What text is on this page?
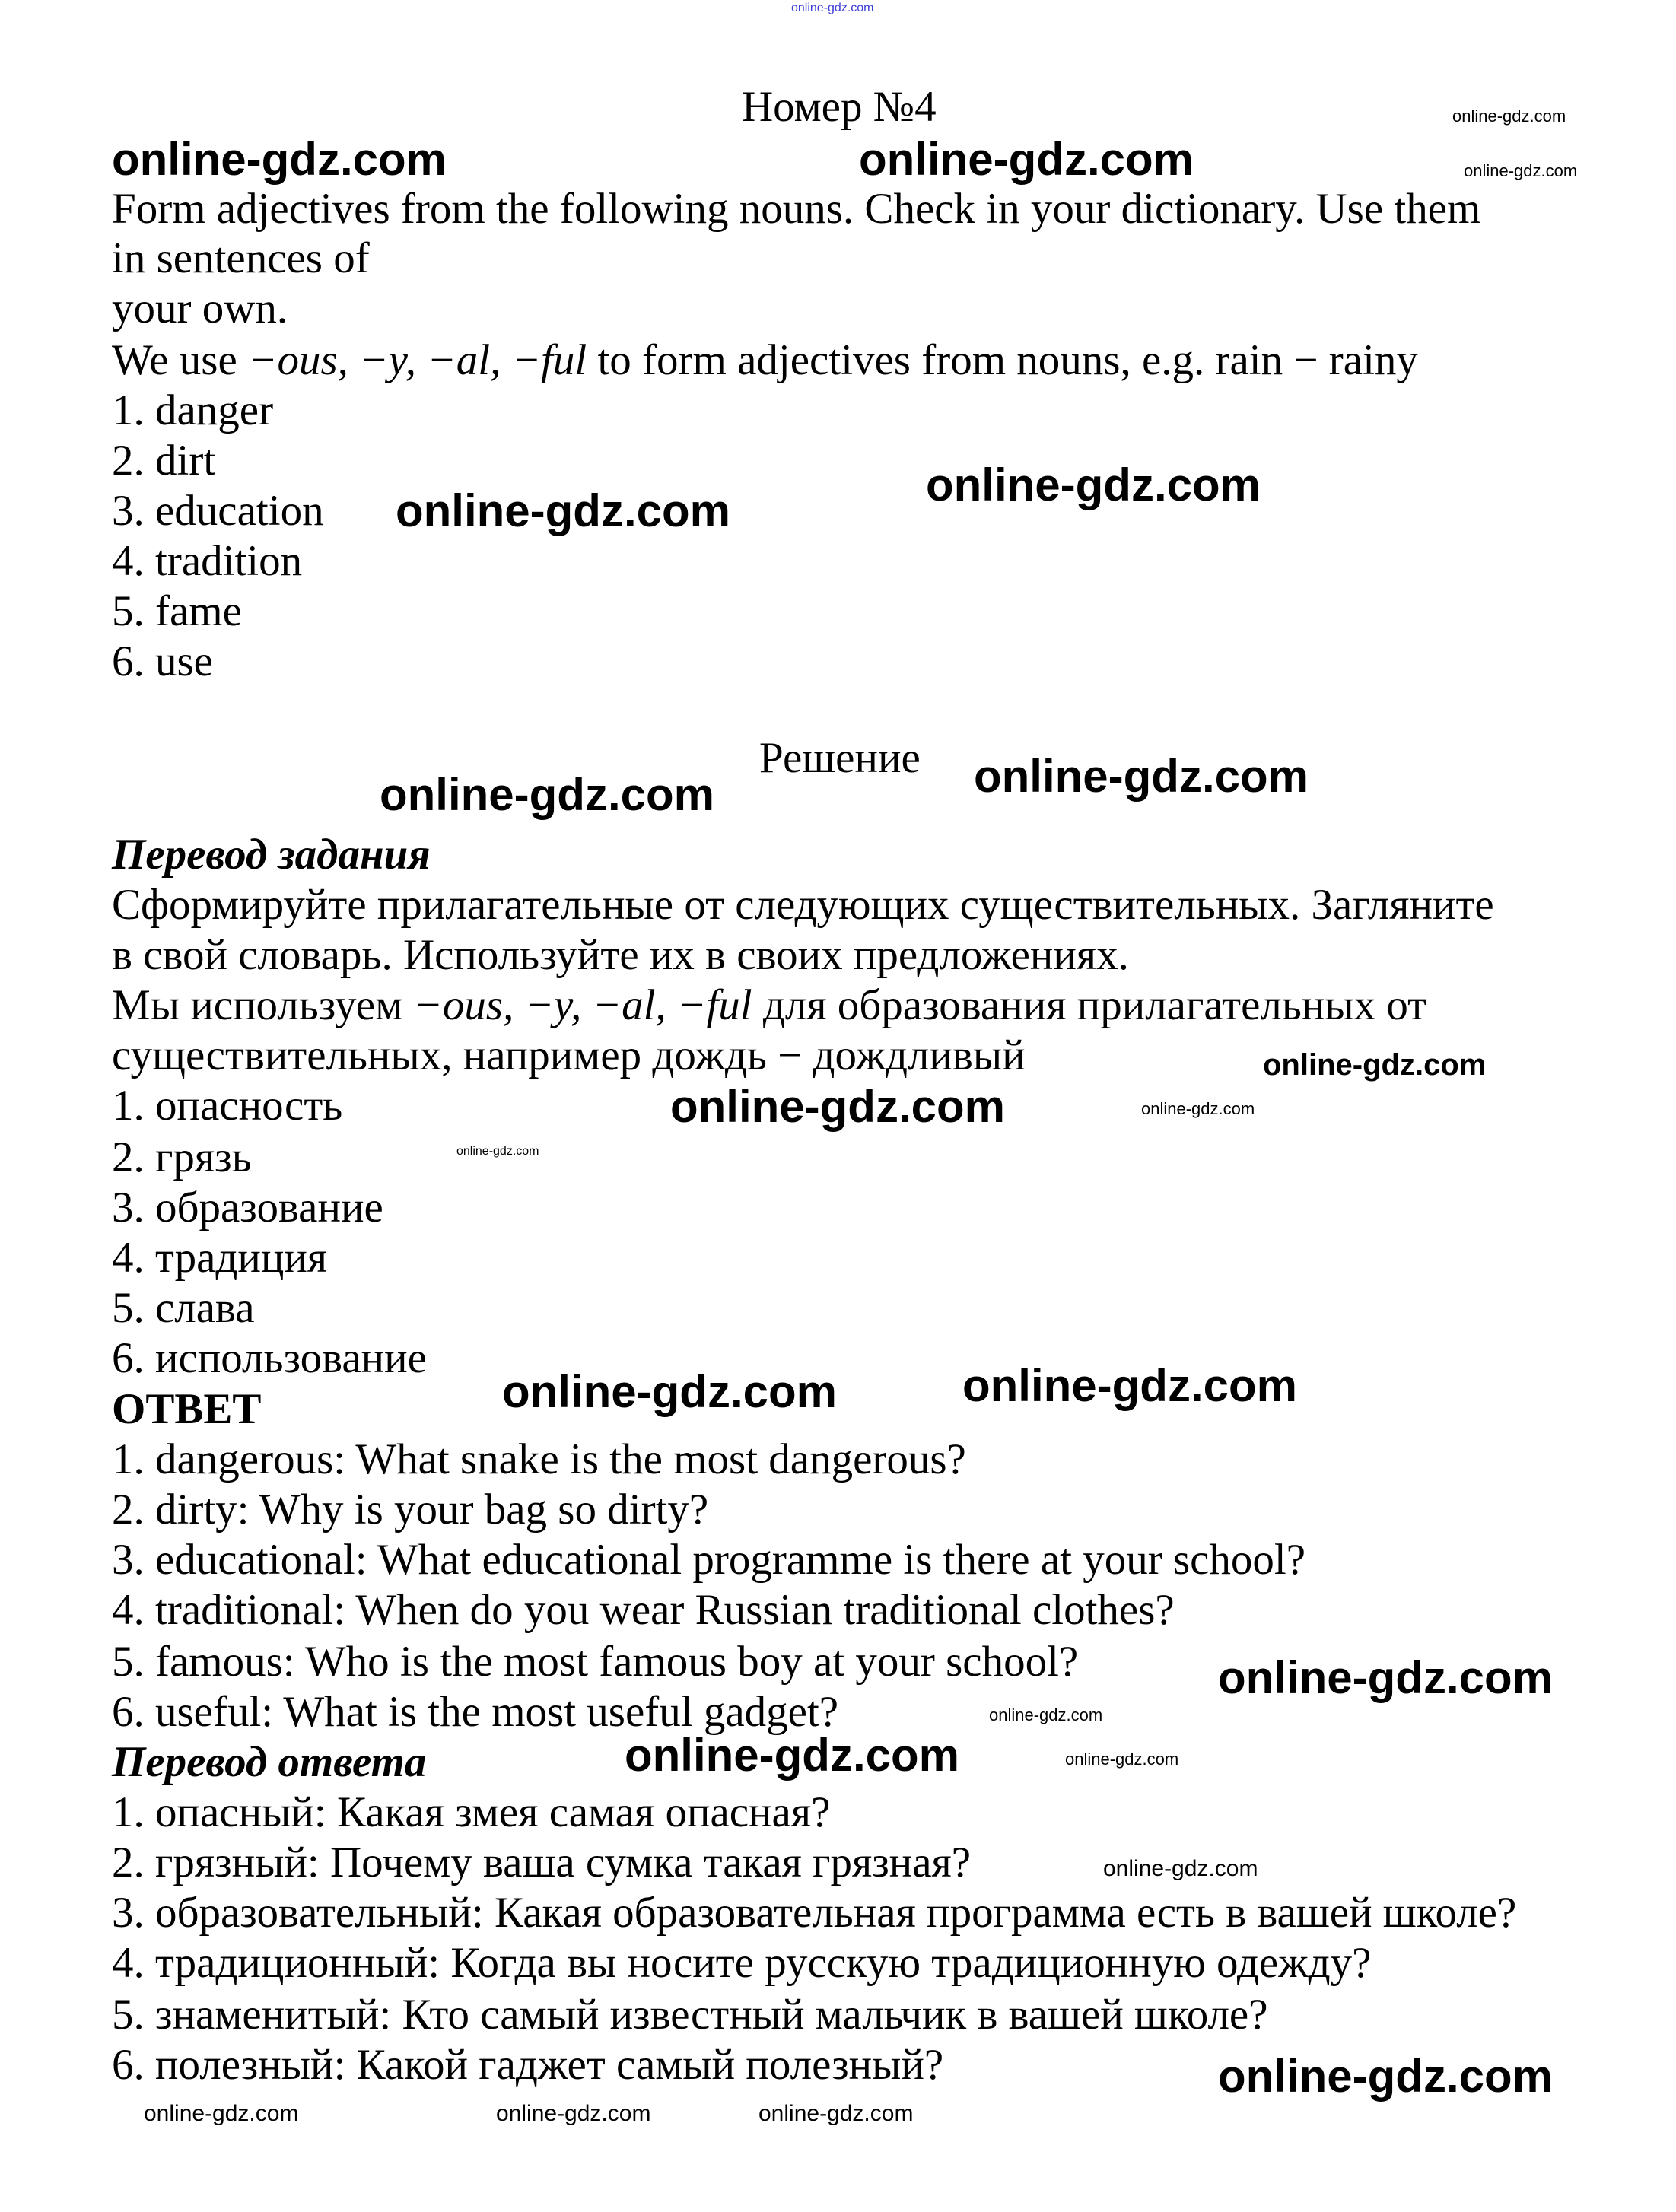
online-gdz.com
Номер №4
Form adjectives from the following nouns. Check in your dictionary. Use them
in sentences of
your own.
We use −ous, −y, −al, −ful to form adjectives from nouns, e.g. rain − rainy
1. danger
2. dirt
3. education
4. tradition
5. fame
6. use
Решение
Перевод задания
Сформируйте прилагательные от следующих существительных. Загляните
в свой словарь. Используйте их в своих предложениях.
Мы используем −ous, −y, −al, −ful для образования прилагательных от
существительных, например дождь − дождливый
1. опасность
2. грязь
3. образование
4. традиция
5. слава
6. использование
ОТВЕТ
1. dangerous: What snake is the most dangerous?
2. dirty: Why is your bag so dirty?
3. educational: What educational programme is there at your school?
4. traditional: When do you wear Russian traditional clothes?
5. famous: Who is the most famous boy at your school?
6. useful: What is the most useful gadget?
Перевод ответа
1. опасный: Какая змея самая опасная?
2. грязный: Почему ваша сумка такая грязная?
3. образовательный: Какая образовательная программа есть в вашей школе?
4. традиционный: Когда вы носите русскую традиционную одежду?
5. знаменитый: Кто самый известный мальчик в вашей школе?
6. полезный: Какой гаджет самый полезный?
online-gdz.com
online-gdz.com	online-gdz.com	online-gdz.com
online-gdz.com
online-gdz.com
online-gdz.com
online-gdz.com
online-gdz.com
online-gdz.com	online-gdz.com
online-gdz.com
online-gdz.com	online-gdz.com
online-gdz.com
online-gdz.com
online-gdz.com
online-gdz.com
online-gdz.com
online-gdz.com
online-gdz.com	online-gdz.com	online-gdz.com
